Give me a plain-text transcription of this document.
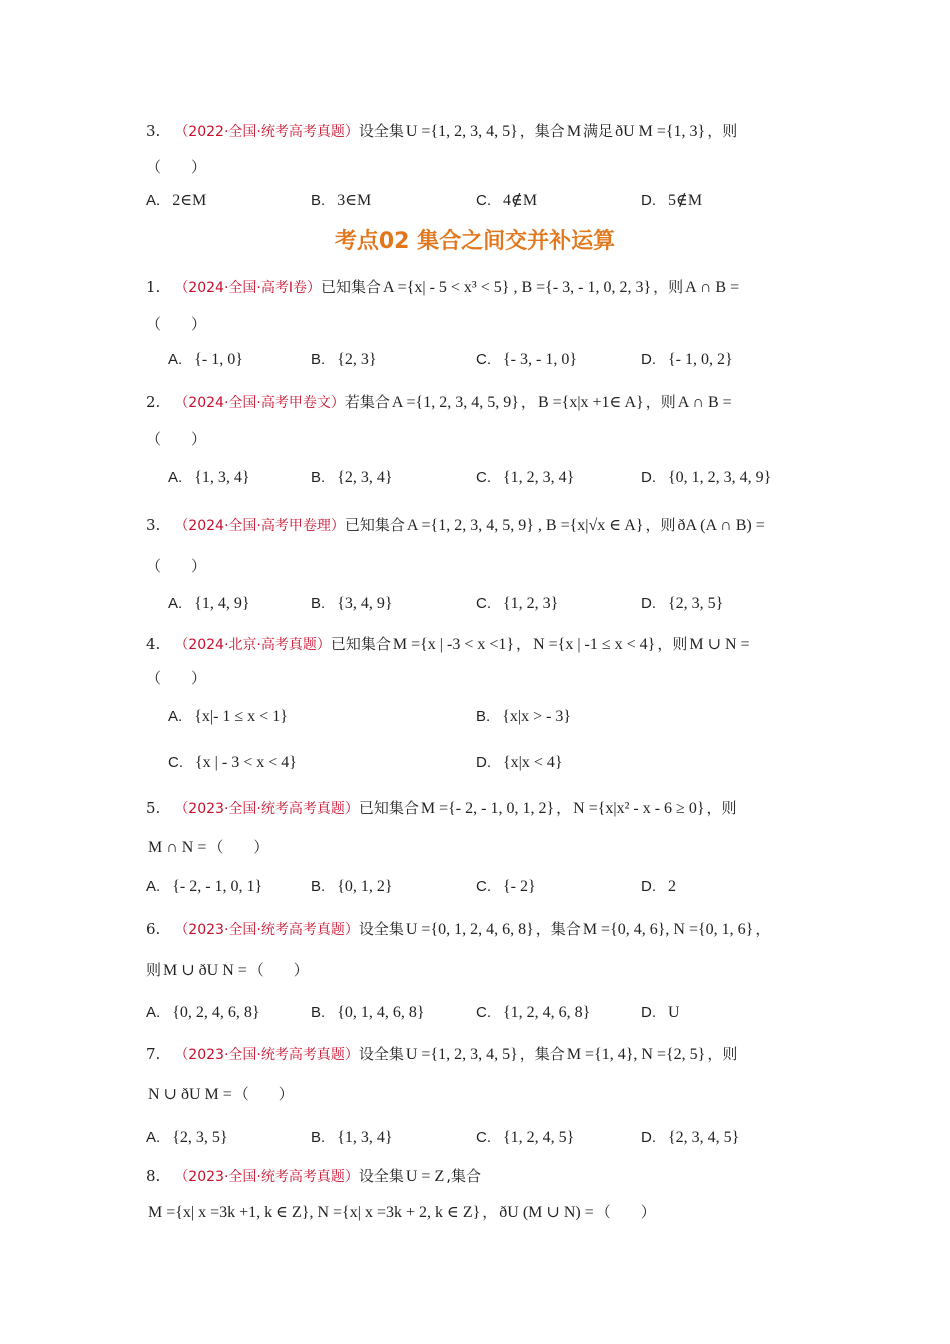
3. （2022·全国·统考高考真题）设全集 U ={1, 2, 3, 4, 5} ，集合 M 满足 ðU M ={1, 3} ，则
（　　）
A. 2∈M	B. 3∈M	C. 4∉M	D. 5∉M
考点02 集合之间交并补运算
1. （2024·全国·高考Ⅰ卷）已知集合 A ={x| - 5 < x³ < 5} , B ={- 3, - 1, 0, 2, 3} ，则 A ∩ B =
（　　）
A. {- 1, 0}	B. {2, 3}	C. {- 3, - 1, 0}	D. {- 1, 0, 2}
2. （2024·全国·高考甲卷文）若集合 A ={1, 2, 3, 4, 5, 9} ， B ={x|x +1∈ A} ，则 A ∩ B =
（　　）
A. {1, 3, 4}	B. {2, 3, 4}	C. {1, 2, 3, 4}	D. {0, 1, 2, 3, 4, 9}
3. （2024·全国·高考甲卷理）已知集合 A ={1, 2, 3, 4, 5, 9} , B ={x|√x ∈ A} ，则 ðA (A ∩ B) =
（　　）
A. {1, 4, 9}	B. {3, 4, 9}	C. {1, 2, 3}	D. {2, 3, 5}
4. （2024·北京·高考真题）已知集合 M ={x | -3 < x <1} ， N ={x | -1 ≤ x < 4} ，则 M ∪ N =
（　　）
A. {x|- 1 ≤ x < 1}	B. {x|x > - 3}
C. {x | - 3 < x < 4}	D. {x|x < 4}
5. （2023·全国·统考高考真题）已知集合 M ={- 2, - 1, 0, 1, 2} ， N ={x|x² - x - 6 ≥ 0} ，则
M ∩ N = （　　）
A. {- 2, - 1, 0, 1}	B. {0, 1, 2}	C. {- 2}	D. 2
6. （2023·全国·统考高考真题）设全集 U ={0, 1, 2, 4, 6, 8} ，集合 M ={0, 4, 6}, N ={0, 1, 6} ，
则 M ∪ ðU N = （　　）
A. {0, 2, 4, 6, 8}	B. {0, 1, 4, 6, 8}	C. {1, 2, 4, 6, 8}	D. U
7. （2023·全国·统考高考真题）设全集 U ={1, 2, 3, 4, 5} ，集合 M ={1, 4}, N ={2, 5} ，则
N ∪ ðU M = （　　）
A. {2, 3, 5}	B. {1, 3, 4}	C. {1, 2, 4, 5}	D. {2, 3, 4, 5}
8. （2023·全国·统考高考真题）设全集 U = Z ,集合
M ={x| x =3k +1, k ∈ Z}, N ={x| x =3k + 2, k ∈ Z} ， ðU (M ∪ N) = （　　）
